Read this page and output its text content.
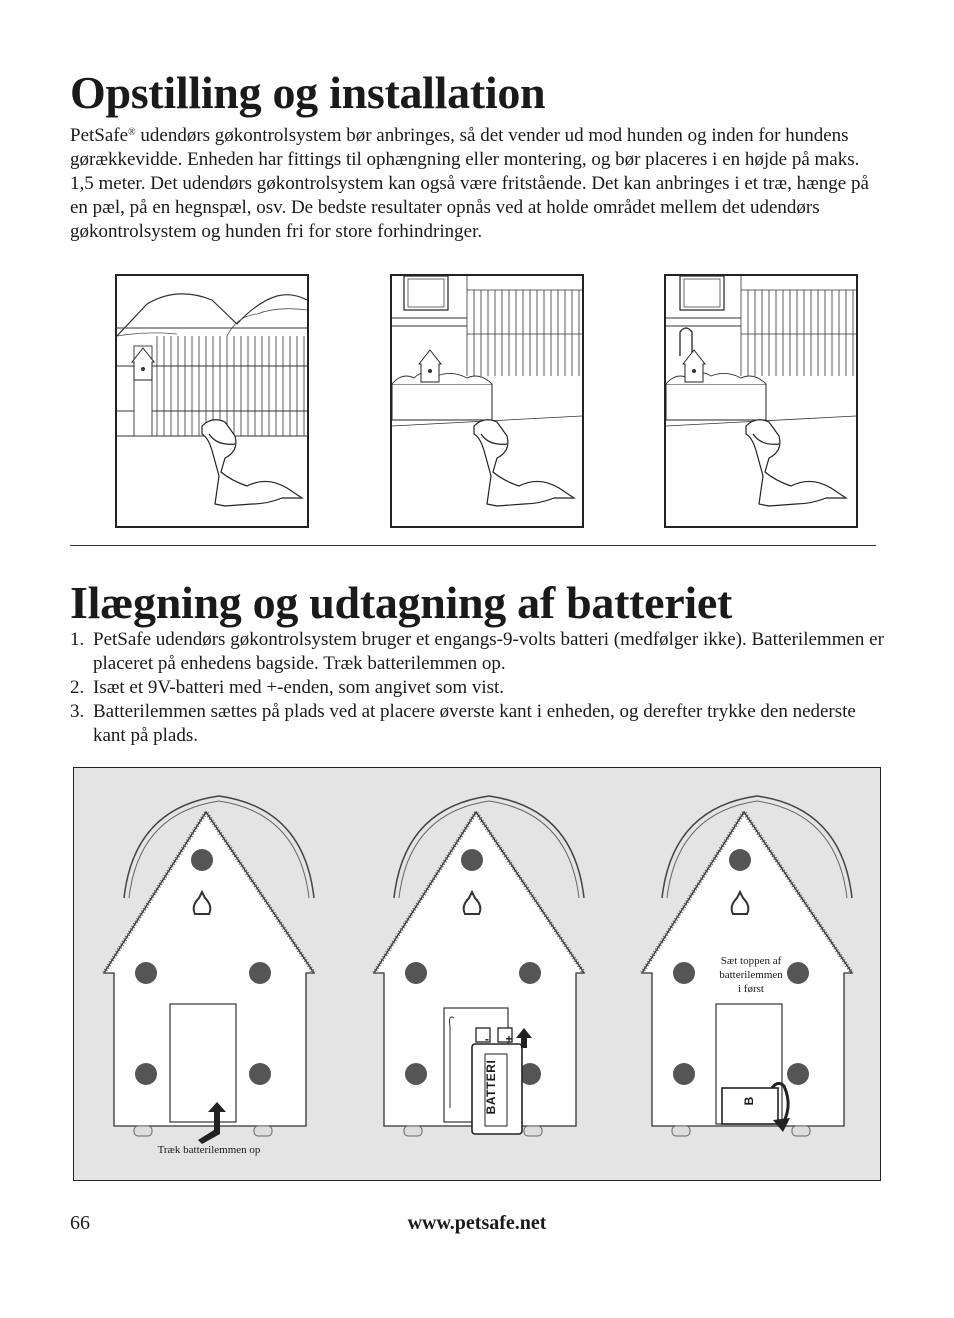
Opstilling og installation

PetSafe® udendørs gøkontrolsystem bør anbringes, så det vender ud mod hunden og inden for hundens gørækkevidde. Enheden har fittings til ophængning eller montering, og bør placeres i en højde på maks. 1,5 meter. Det udendørs gøkontrolsystem kan også være fritstående. Det kan anbringes i et træ, hænge på en pæl, på en hegnspæl, osv. De bedste resultater opnås ved at holde området mellem det udendørs gøkontrolsystem og hunden fri for store forhindringer.

Ilægning og udtagning af batteriet
1. PetSafe udendørs gøkontrolsystem bruger et engangs-9-volts batteri (medfølger ikke). Batterilemmen er placeret på enhedens bagside. Træk batterilemmen op.
2. Isæt et 9V-batteri med +-enden, som angivet som vist.
3. Batterilemmen sættes på plads ved at placere øverste kant i enheden, og derefter trykke den nederste kant på plads.
Træk batterilemmen op
-	+
BATTERI
Sæt toppen af
batterilemmen
i først
B
66	www.petsafe.net
